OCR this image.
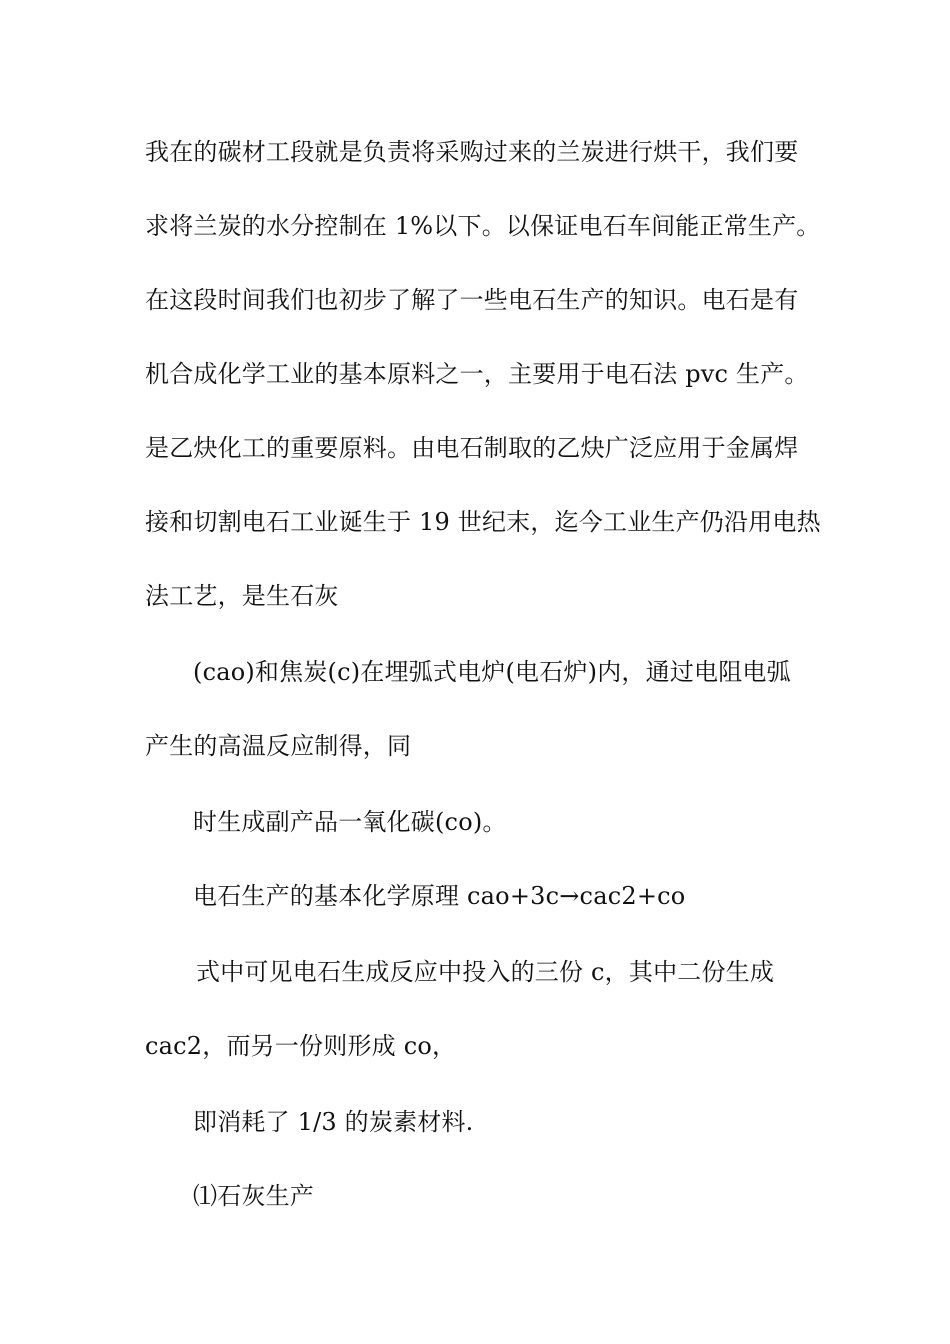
我在的碳材工段就是负责将采购过来的兰炭进行烘干，我们要
求将兰炭的水分控制在 1%以下。以保证电石车间能正常生产。
在这段时间我们也初步了解了一些电石生产的知识。电石是有
机合成化学工业的基本原料之一，主要用于电石法 pvc 生产。
是乙炔化工的重要原料。由电石制取的乙炔广泛应用于金属焊
接和切割电石工业诞生于 19 世纪末，迄今工业生产仍沿用电热
法工艺，是生石灰
(cao)和焦炭(c)在埋弧式电炉(电石炉)内，通过电阻电弧
产生的高温反应制得，同
时生成副产品一氧化碳(co)。
电石生产的基本化学原理 cao+3c→cac2+co
式中可见电石生成反应中投入的三份 c，其中二份生成
cac2，而另一份则形成 co，
即消耗了 1/3 的炭素材料.
⑴石灰生产
